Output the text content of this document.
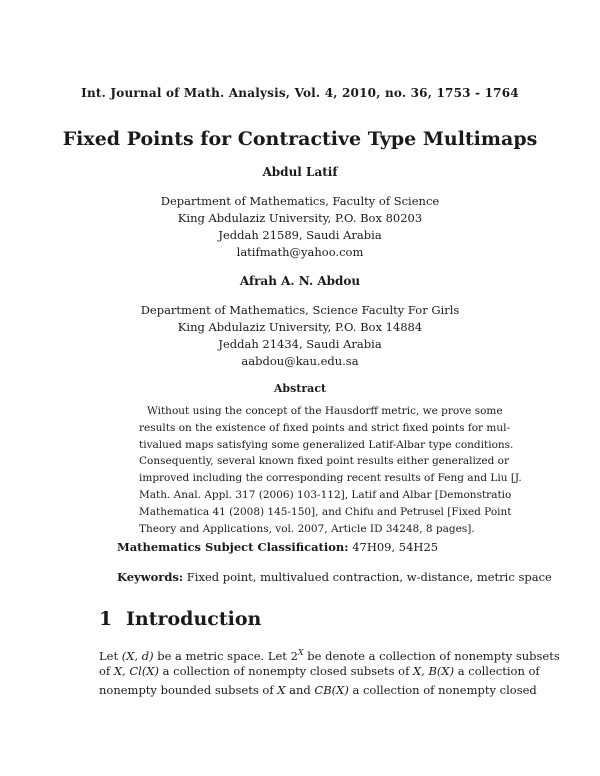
Int. Journal of Math. Analysis, Vol. 4, 2010, no. 36, 1753 - 1764
Fixed Points for Contractive Type Multimaps
Abdul Latif
Department of Mathematics, Faculty of Science
King Abdulaziz University, P.O. Box 80203
Jeddah 21589, Saudi Arabia
latifmath@yahoo.com
Afrah A. N. Abdou
Department of Mathematics, Science Faculty For Girls
King Abdulaziz University, P.O. Box 14884
Jeddah 21434, Saudi Arabia
aabdou@kau.edu.sa
Abstract
Without using the concept of the Hausdorff metric, we prove some
results on the existence of fixed points and strict fixed points for mul-
tivalued maps satisfying some generalized Latif-Albar type conditions.
Consequently, several known fixed point results either generalized or
improved including the corresponding recent results of Feng and Liu [J.
Math. Anal. Appl. 317 (2006) 103-112], Latif and Albar [Demonstratio
Mathematica 41 (2008) 145-150], and Chifu and Petrusel [Fixed Point
Theory and Applications, vol. 2007, Article ID 34248, 8 pages].
Mathematics Subject Classification: 47H09, 54H25
Keywords: Fixed point, multivalued contraction, w-distance, metric space
1 Introduction
Let (X, d) be a metric space. Let $2^X$ be denote a collection of nonempty subsets
of X, Cl(X) a collection of nonempty closed subsets of X, B(X) a collection of
nonempty bounded subsets of X and CB(X) a collection of nonempty closed
